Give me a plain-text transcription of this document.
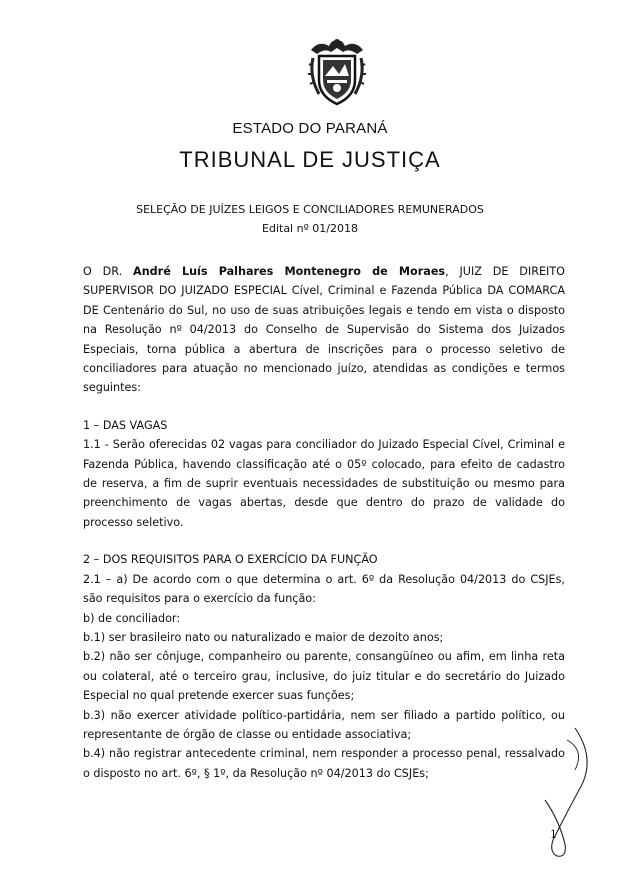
ESTADO DO PARANÁ
TRIBUNAL DE JUSTIÇA
SELEÇÃO DE JUÍZES LEIGOS E CONCILIADORES REMUNERADOS
Edital nº 01/2018

O DR. André Luís Palhares Montenegro de Moraes, JUIZ DE DIREITO SUPERVISOR DO JUIZADO ESPECIAL Cível, Criminal e Fazenda Pública DA COMARCA DE Centenário do Sul, no uso de suas atribuições legais e tendo em vista o disposto na Resolução nº 04/2013 do Conselho de Supervisão do Sistema dos Juizados Especiais, torna pública a abertura de inscrições para o processo seletivo de conciliadores para atuação no mencionado juízo, atendidas as condições e termos seguintes:

1 – DAS VAGAS

1.1 - Serão oferecidas 02 vagas para conciliador do Juizado Especial Cível, Criminal e Fazenda Pública, havendo classificação até o 05º colocado, para efeito de cadastro de reserva, a fim de suprir eventuais necessidades de substituição ou mesmo para preenchimento de vagas abertas, desde que dentro do prazo de validade do processo seletivo.

2 – DOS REQUISITOS PARA O EXERCÍCIO DA FUNÇÃO

2.1 – a) De acordo com o que determina o art. 6º da Resolução 04/2013 do CSJEs, são requisitos para o exercício da função:

b) de conciliador:

b.1) ser brasileiro nato ou naturalizado e maior de dezoito anos;

b.2) não ser cônjuge, companheiro ou parente, consangüíneo ou afim, em linha reta ou colateral, até o terceiro grau, inclusive, do juiz titular e do secretário do Juizado Especial no qual pretende exercer suas funções;

b.3) não exercer atividade político-partidária, nem ser filiado a partido político, ou representante de órgão de classe ou entidade associativa;

b.4) não registrar antecedente criminal, nem responder a processo penal, ressalvado o disposto no art. 6º, § 1º, da Resolução nº 04/2013 do CSJEs;

1
